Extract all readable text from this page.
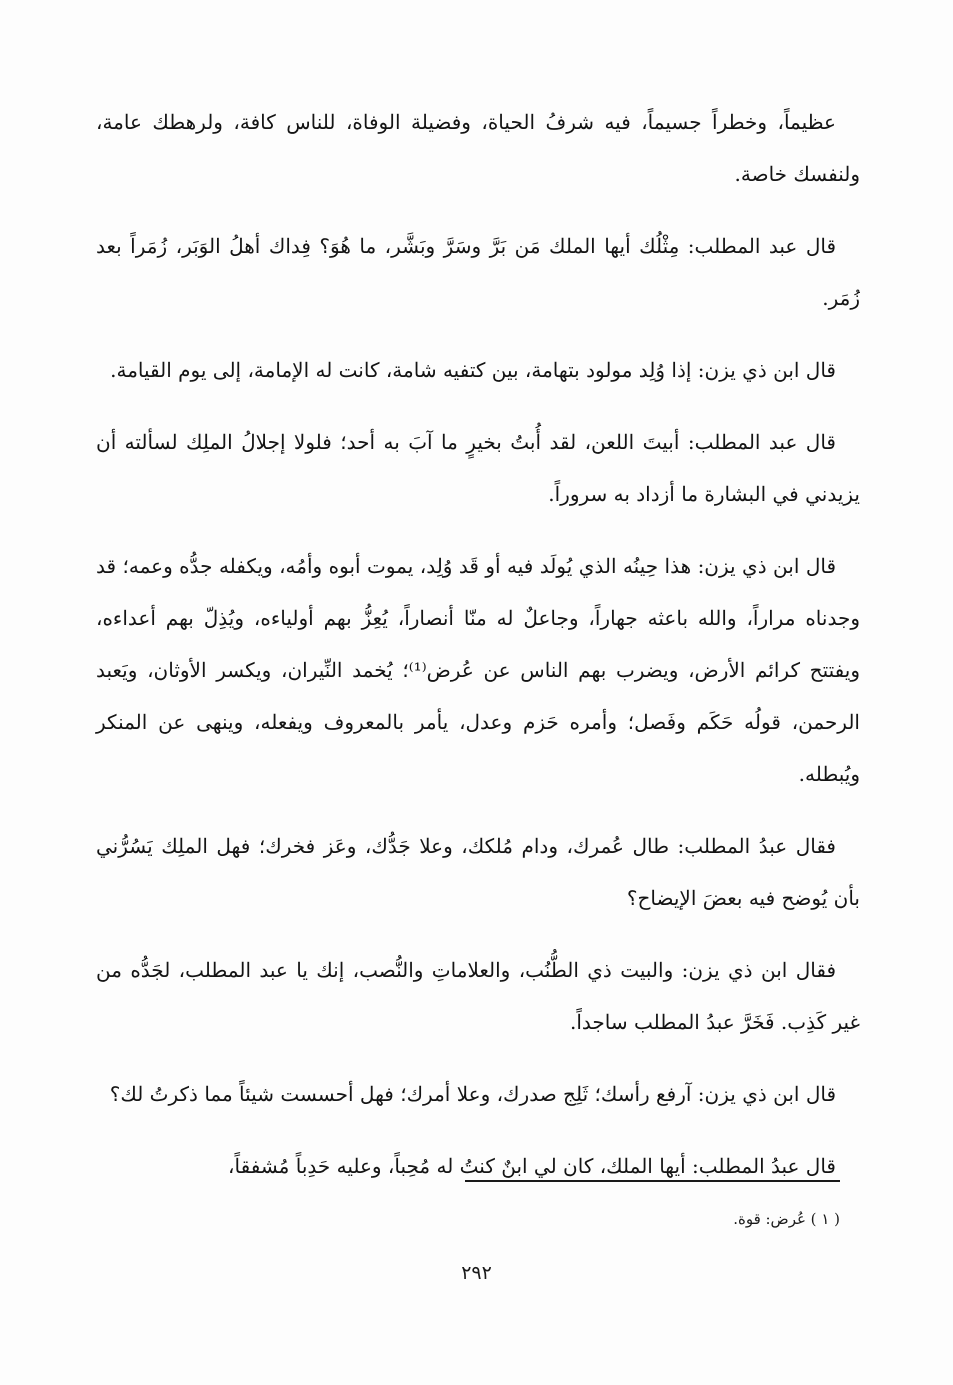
عظيماً، وخطراً جسيماً، فيه شرفُ الحياة، وفضيلة الوفاة، للناس كافة، ولرهطك عامة، ولنفسك خاصة.

قال عبد المطلب: مِثْلُك أيها الملك مَن بَرَّ وسَرَّ وبَشَّر، ما هُوَ؟ فِداك أهلُ الوَبَر، زُمَراً بعد زُمَر.

قال ابن ذي يزن: إذا وُلِد مولود بتهامة، بين كتفيه شامة، كانت له الإمامة، إلى يوم القيامة.

قال عبد المطلب: أبيتَ اللعن، لقد أُبتُ بخيرٍ ما آبَ به أحد؛ فلولا إجلالُ الملِك لسألته أن يزيدني في البشارة ما أزداد به سروراً.

قال ابن ذي يزن: هذا حِينُه الذي يُولَد فيه أو قَد وُلِد، يموت أبوه وأمُه، ويكفله جدُّه وعمه؛ قد وجدناه مراراً، والله باعثه جهاراً، وجاعلٌ له منّا أنصاراً، يُعِزُّ بهم أولياءه، ويُذِلّ بهم أعداءه، ويفتتح كرائم الأرض، ويضرب بهم الناس عن عُرض⁽¹⁾؛ يُخمد النِّيران، ويكسر الأوثان، ويَعبد الرحمن، قولُه حَكَم وفَصل؛ وأمره حَزم وعدل، يأمر بالمعروف ويفعله، وينهى عن المنكر ويُبطله.

فقال عبدُ المطلب: طال عُمرك، ودام مُلكك، وعلا جَدُّك، وعَز فخرك؛ فهل الملِك يَسُرُّني بأن يُوضح فيه بعضَ الإيضاح؟

فقال ابن ذي يزن: والبيت ذي الطُّنُب، والعلاماتِ والنُّصب، إنك يا عبد المطلب، لجَدُّه من غير كَذِب. فَخَرَّ عبدُ المطلب ساجداً.

قال ابن ذي يزن: آرفع رأسك؛ ثَلِج صدرك، وعلا أمرك؛ فهل أحسست شيئاً مما ذكرتُ لك؟

قال عبدُ المطلب: أيها الملك، كان لي ابنٌ كنتُ له مُحِباً، وعليه حَدِباً مُشفقاً،

( ١ ) عُرض: قوة.
٢٩٢
